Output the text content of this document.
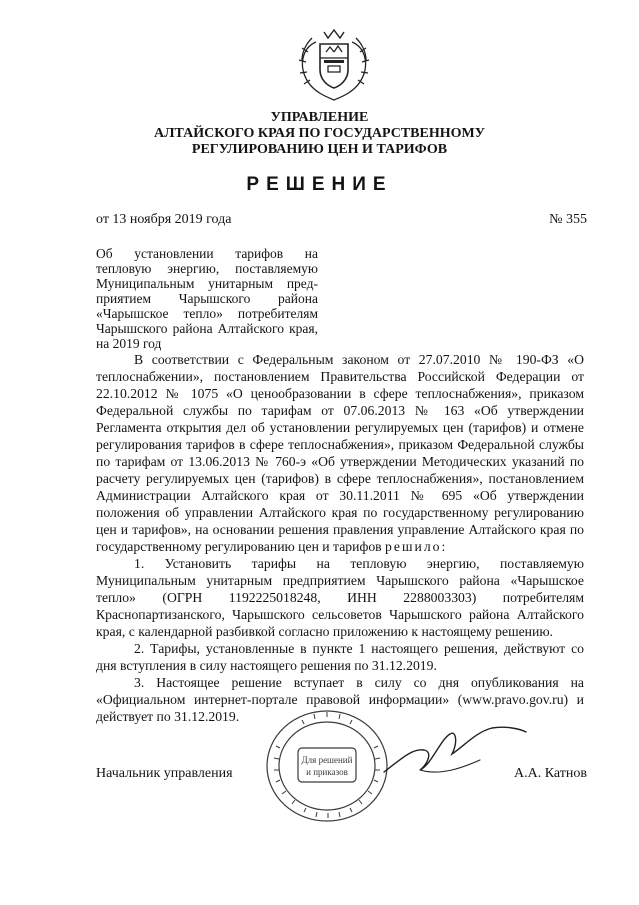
УПРАВЛЕНИЕ
АЛТАЙСКОГО КРАЯ ПО ГОСУДАРСТВЕННОМУ
РЕГУЛИРОВАНИЮ ЦЕН И ТАРИФОВ
РЕШЕНИЕ
от 13 ноября 2019 года	№ 355
Об установлении тарифов на тепловую энергию, поставляемую Муниципальным унитарным пред-приятием Чарышского района «Чарышское тепло» потребителям Чарышского района Алтайского края, на 2019 год

В соответствии с Федеральным законом от 27.07.2010 № 190-ФЗ «О теплоснабжении», постановлением Правительства Российской Федерации от 22.10.2012 № 1075 «О ценообразовании в сфере теплоснабжения», приказом Федеральной службы по тарифам от 07.06.2013 № 163 «Об утверждении Регламента открытия дел об установлении регулируемых цен (тарифов) и отмене регулирования тарифов в сфере теплоснабжения», приказом Федеральной службы по тарифам от 13.06.2013 № 760-э «Об утверждении Методических указаний по расчету регулируемых цен (тарифов) в сфере теплоснабжения», постановлением Администрации Алтайского края от 30.11.2011 № 695 «Об утверждении положения об управлении Алтайского края по государственному регулированию цен и тарифов», на основании решения правления управление Алтайского края по государственному регулированию цен и тарифов решило:

1. Установить тарифы на тепловую энергию, поставляемую Муниципальным унитарным предприятием Чарышского района «Чарышское тепло» (ОГРН 1192225018248, ИНН 2288003303) потребителям Краснопартизанского, Чарышского сельсоветов Чарышского района Алтайского края, с календарной разбивкой согласно приложению к настоящему решению.

2. Тарифы, установленные в пункте 1 настоящего решения, действуют со дня вступления в силу настоящего решения по 31.12.2019.

3. Настоящее решение вступает в силу со дня опубликования на «Официальном интернет-портале правовой информации» (www.pravo.gov.ru) и действует по 31.12.2019.

Для решений
и приказов
Начальник управления	А.А. Катнов
